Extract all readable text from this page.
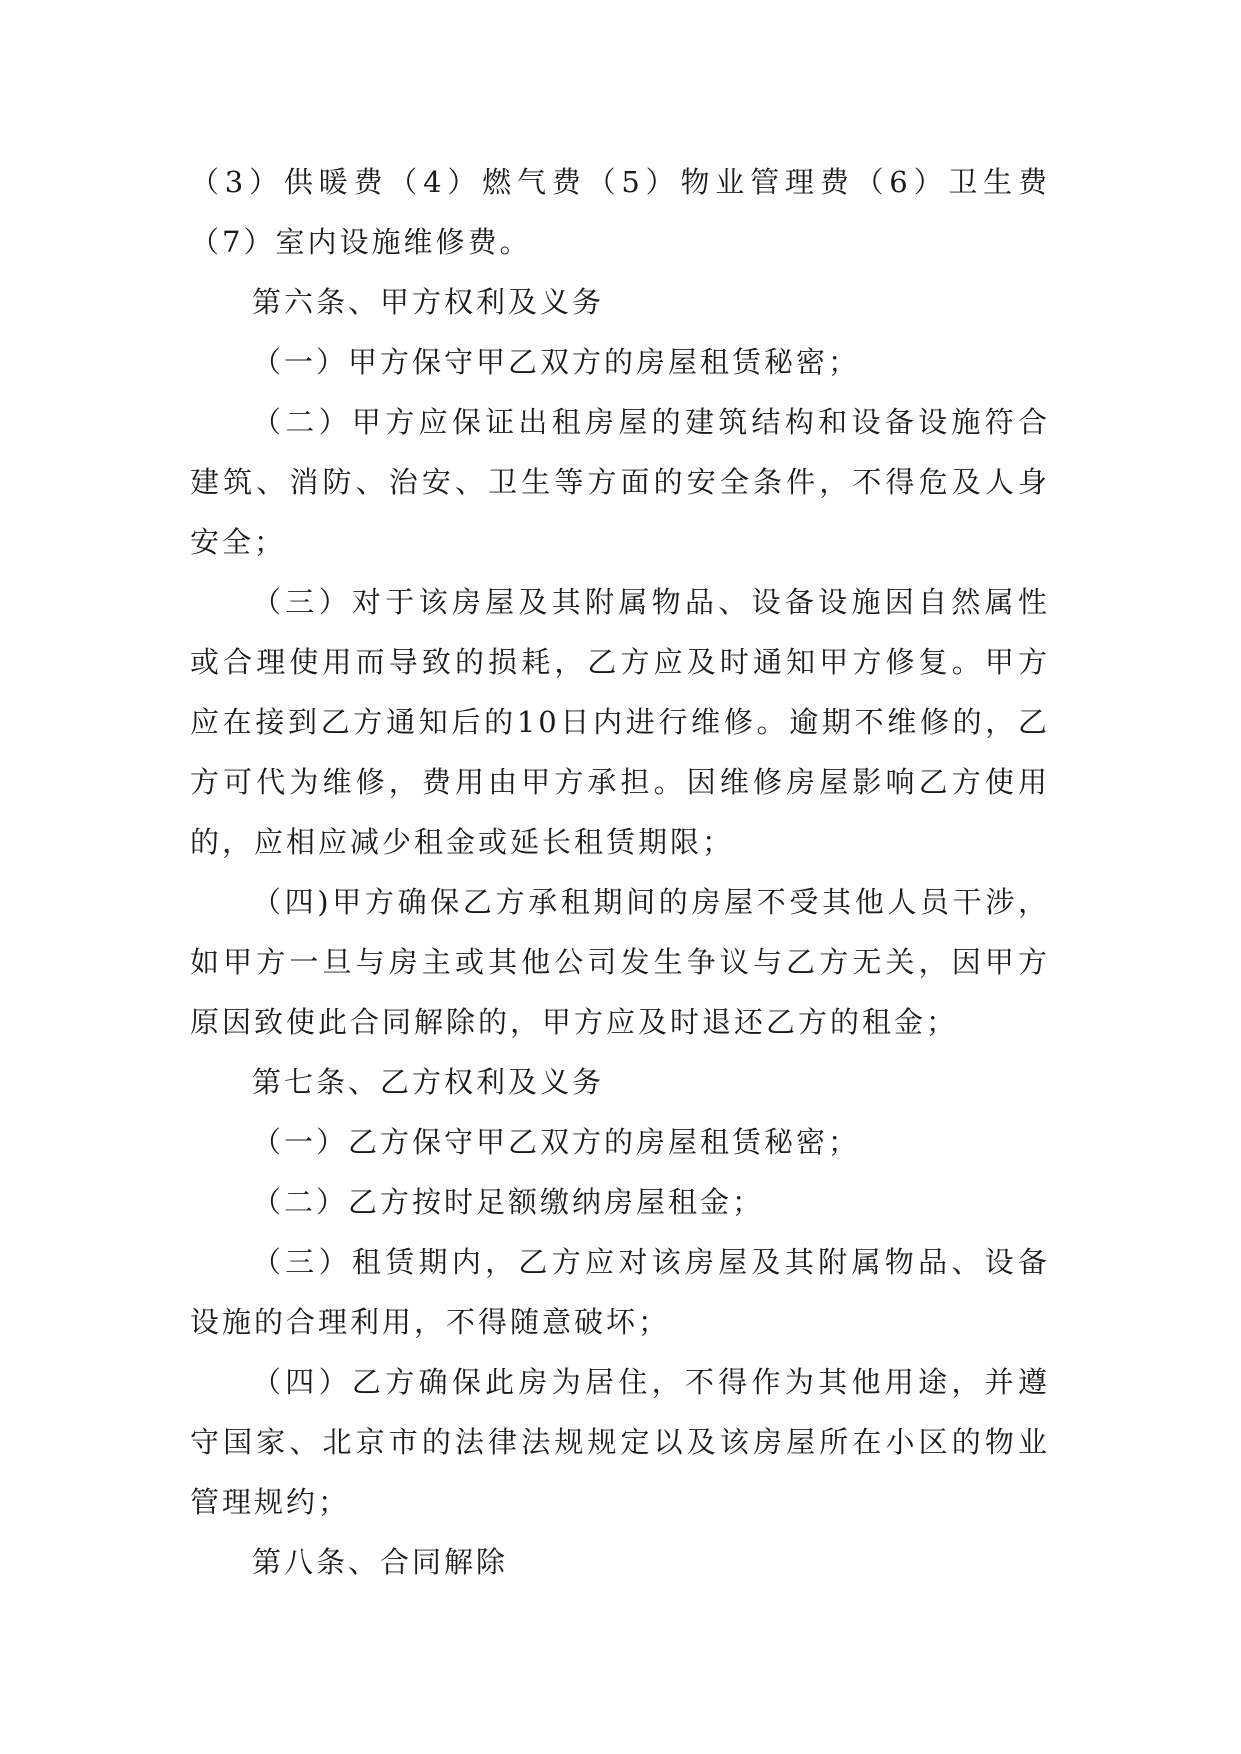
（3）供暖费（4）燃气费（5）物业管理费（6）卫生费（7）室内设施维修费。

第六条、甲方权利及义务

（一）甲方保守甲乙双方的房屋租赁秘密；

（二）甲方应保证出租房屋的建筑结构和设备设施符合建筑、消防、治安、卫生等方面的安全条件，不得危及人身安全；

（三）对于该房屋及其附属物品、设备设施因自然属性或合理使用而导致的损耗，乙方应及时通知甲方修复。甲方应在接到乙方通知后的10日内进行维修。逾期不维修的，乙方可代为维修，费用由甲方承担。因维修房屋影响乙方使用的，应相应减少租金或延长租赁期限；

（四)甲方确保乙方承租期间的房屋不受其他人员干涉，如甲方一旦与房主或其他公司发生争议与乙方无关，因甲方原因致使此合同解除的，甲方应及时退还乙方的租金；

第七条、乙方权利及义务

（一）乙方保守甲乙双方的房屋租赁秘密；

（二）乙方按时足额缴纳房屋租金；

（三）租赁期内，乙方应对该房屋及其附属物品、设备设施的合理利用，不得随意破坏；

（四）乙方确保此房为居住，不得作为其他用途，并遵守国家、北京市的法律法规规定以及该房屋所在小区的物业管理规约；

第八条、合同解除
